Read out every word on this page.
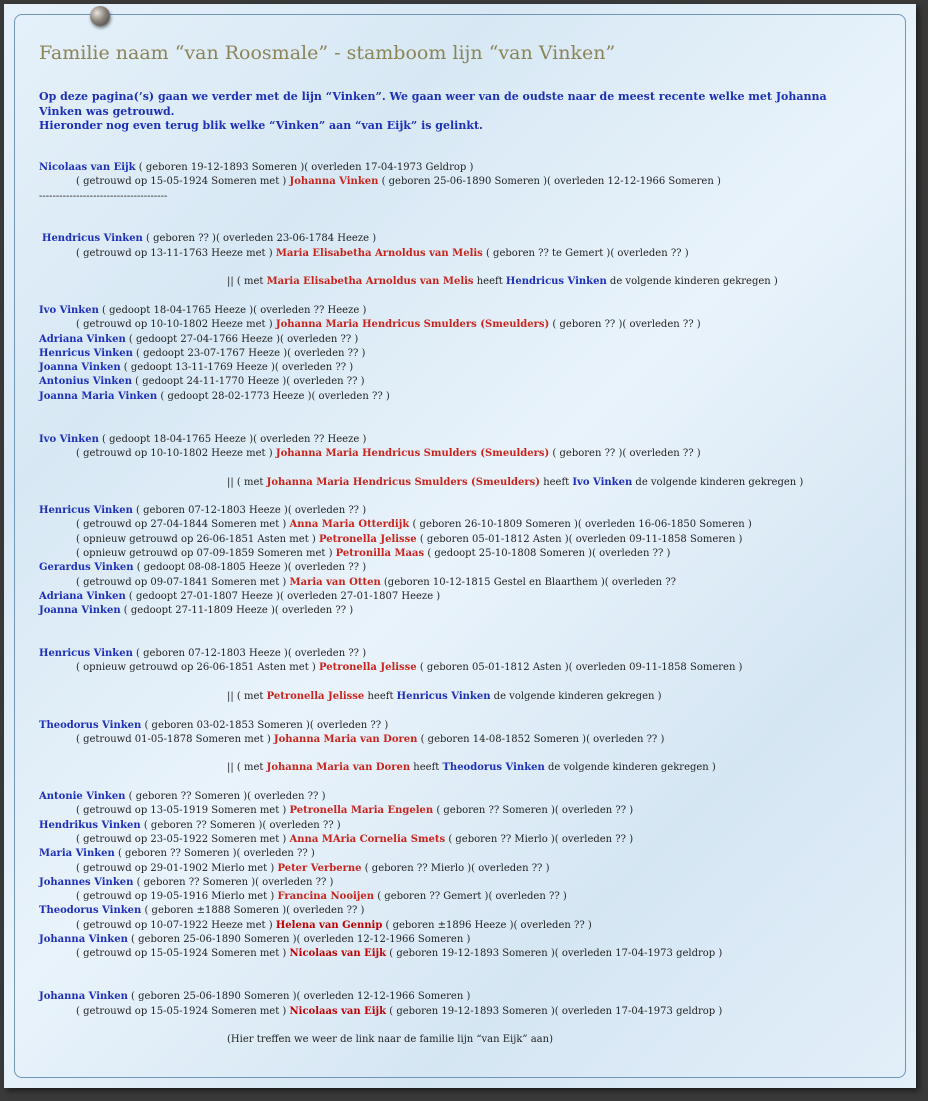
Familie naam “van Roosmale” - stamboom lijn “van Vinken”

Op deze pagina(’s) gaan we verder met de lijn “Vinken”. We gaan weer van de oudste naar de meest recente welke met Johanna Vinken was getrouwd.

Hieronder nog even terug blik welke “Vinken” aan “van Eijk” is gelinkt.

Nicolaas van Eijk ( geboren 19-12-1893 Someren )( overleden 17-04-1973 Geldrop )
( getrouwd op 15-05-1924 Someren met ) Johanna Vinken ( geboren 25-06-1890 Someren )( overleden 12-12-1966 Someren )
--------------------------------------
Hendricus Vinken ( geboren ?? )( overleden 23-06-1784 Heeze )
( getrouwd op 13-11-1763 Heeze met ) Maria Elisabetha Arnoldus van Melis ( geboren ?? te Gemert )( overleden ?? )
|| ( met Maria Elisabetha Arnoldus van Melis heeft Hendricus Vinken de volgende kinderen gekregen )
Ivo Vinken ( gedoopt 18-04-1765 Heeze )( overleden ?? Heeze )
( getrouwd op 10-10-1802 Heeze met ) Johanna Maria Hendricus Smulders (Smeulders) ( geboren ?? )( overleden ?? )
Adriana Vinken ( gedoopt 27-04-1766 Heeze )( overleden ?? )
Henricus Vinken ( gedoopt 23-07-1767 Heeze )( overleden ?? )
Joanna Vinken ( gedoopt 13-11-1769 Heeze )( overleden ?? )
Antonius Vinken ( gedoopt 24-11-1770 Heeze )( overleden ?? )
Joanna Maria Vinken ( gedoopt 28-02-1773 Heeze )( overleden ?? )
Ivo Vinken ( gedoopt 18-04-1765 Heeze )( overleden ?? Heeze )
( getrouwd op 10-10-1802 Heeze met ) Johanna Maria Hendricus Smulders (Smeulders) ( geboren ?? )( overleden ?? )
|| ( met Johanna Maria Hendricus Smulders (Smeulders) heeft Ivo Vinken de volgende kinderen gekregen )
Henricus Vinken ( geboren 07-12-1803 Heeze )( overleden ?? )
( getrouwd op 27-04-1844 Someren met ) Anna Maria Otterdijk ( geboren 26-10-1809 Someren )( overleden 16-06-1850 Someren )
( opnieuw getrouwd op 26-06-1851 Asten met ) Petronella Jelisse ( geboren 05-01-1812 Asten )( overleden 09-11-1858 Someren )
( opnieuw getrouwd op 07-09-1859 Someren met ) Petronilla Maas ( gedoopt 25-10-1808 Someren )( overleden ?? )
Gerardus Vinken ( gedoopt 08-08-1805 Heeze )( overleden ?? )
( getrouwd op 09-07-1841 Someren met ) Maria van Otten (geboren 10-12-1815 Gestel en Blaarthem )( overleden ??
Adriana Vinken ( gedoopt 27-01-1807 Heeze )( overleden 27-01-1807 Heeze )
Joanna Vinken ( gedoopt 27-11-1809 Heeze )( overleden ?? )
Henricus Vinken ( geboren 07-12-1803 Heeze )( overleden ?? )
( opnieuw getrouwd op 26-06-1851 Asten met ) Petronella Jelisse ( geboren 05-01-1812 Asten )( overleden 09-11-1858 Someren )
|| ( met Petronella Jelisse heeft Henricus Vinken de volgende kinderen gekregen )
Theodorus Vinken ( geboren 03-02-1853 Someren )( overleden ?? )
( getrouwd 01-05-1878 Someren met ) Johanna Maria van Doren ( geboren 14-08-1852 Someren )( overleden ?? )
|| ( met Johanna Maria van Doren heeft Theodorus Vinken de volgende kinderen gekregen )
Antonie Vinken ( geboren ?? Someren )( overleden ?? )
( getrouwd op 13-05-1919 Someren met ) Petronella Maria Engelen ( geboren ?? Someren )( overleden ?? )
Hendrikus Vinken ( geboren ?? Someren )( overleden ?? )
( getrouwd op 23-05-1922 Someren met ) Anna MAria Cornelia Smets ( geboren ?? Mierlo )( overleden ?? )
Maria Vinken ( geboren ?? Someren )( overleden ?? )
( getrouwd op 29-01-1902 Mierlo met ) Peter Verberne ( geboren ?? Mierlo )( overleden ?? )
Johannes Vinken ( geboren ?? Someren )( overleden ?? )
( getrouwd op 19-05-1916 Mierlo met ) Francina Nooijen ( geboren ?? Gemert )( overleden ?? )
Theodorus Vinken ( geboren ±1888 Someren )( overleden ?? )
( getrouwd op 10-07-1922 Heeze met ) Helena van Gennip ( geboren ±1896 Heeze )( overleden ?? )
Johanna Vinken ( geboren 25-06-1890 Someren )( overleden 12-12-1966 Someren )
( getrouwd op 15-05-1924 Someren met ) Nicolaas van Eijk ( geboren 19-12-1893 Someren )( overleden 17-04-1973 geldrop )
Johanna Vinken ( geboren 25-06-1890 Someren )( overleden 12-12-1966 Someren )
( getrouwd op 15-05-1924 Someren met ) Nicolaas van Eijk ( geboren 19-12-1893 Someren )( overleden 17-04-1973 geldrop )
(Hier treffen we weer de link naar de familie lijn “van Eijk” aan)
